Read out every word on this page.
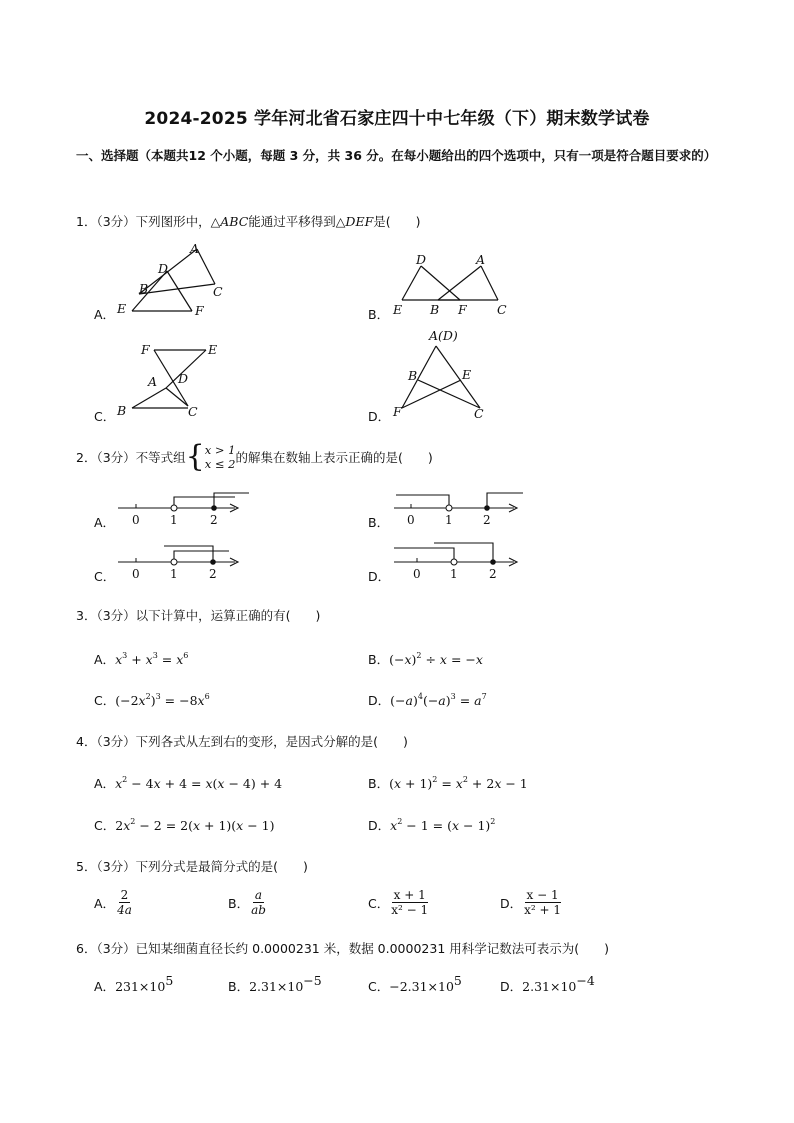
2024-2025 学年河北省石家庄四十中七年级（下）期末数学试卷
一、选择题（本题共12 个小题，每题 3 分，共 36 分。在每小题给出的四个选项中，只有一项是符合题目要求的）
1．（3分）下列图形中，△ABC能通过平移得到△DEF是(　　)
A．
A
D
B	C
E	F	B．
D	A
E B F C
C．
F	E
A D
B	C	D．
A(D)
B	E
F	C
2．（3分）不等式组 { x > 1
x ≤ 2 的解集在数轴上表示正确的是(　　)
A． 0	1	2	B． 0	1	2
C． 0	1	2	D． 0 1	2
3．（3分）以下计算中，运算正确的有(　　)
A．$x^3 + x^3 = x^6$	B．$(-x)^2 \div x = -x$
C．$(-2x^2)^3 = -8x^6$	D．$(-a)^4(-a)^3 = a^7$
4．（3分）下列各式从左到右的变形，是因式分解的是(　　)
A．$x^2 - 4x + 4 = x(x - 4) + 4$	B．$(x + 1)^2 = x^2 + 2x - 1$
C．$2x^2 - 2 = 2(x + 1)(x - 1)$	D．$x^2 - 1 = (x - 1)^2$
5．（3分）下列分式是最简分式的是(　　)
A． $\frac{2}{4a}$	B． $\frac{a}{ab}$	C． $\frac{x + 1}{\text{x² − 1}}$	D． $\frac{x - 1}{\text{x² + 1}}$
6．（3分）已知某细菌直径长约 0.0000231 米，数据 0.0000231 用科学记数法可表示为(　　)
A．$231\times 10^5$	B．$2.31\times 10^{-5}$	C．$-2.31\times 10^5$	D．$2.31\times 10^{-4}$
